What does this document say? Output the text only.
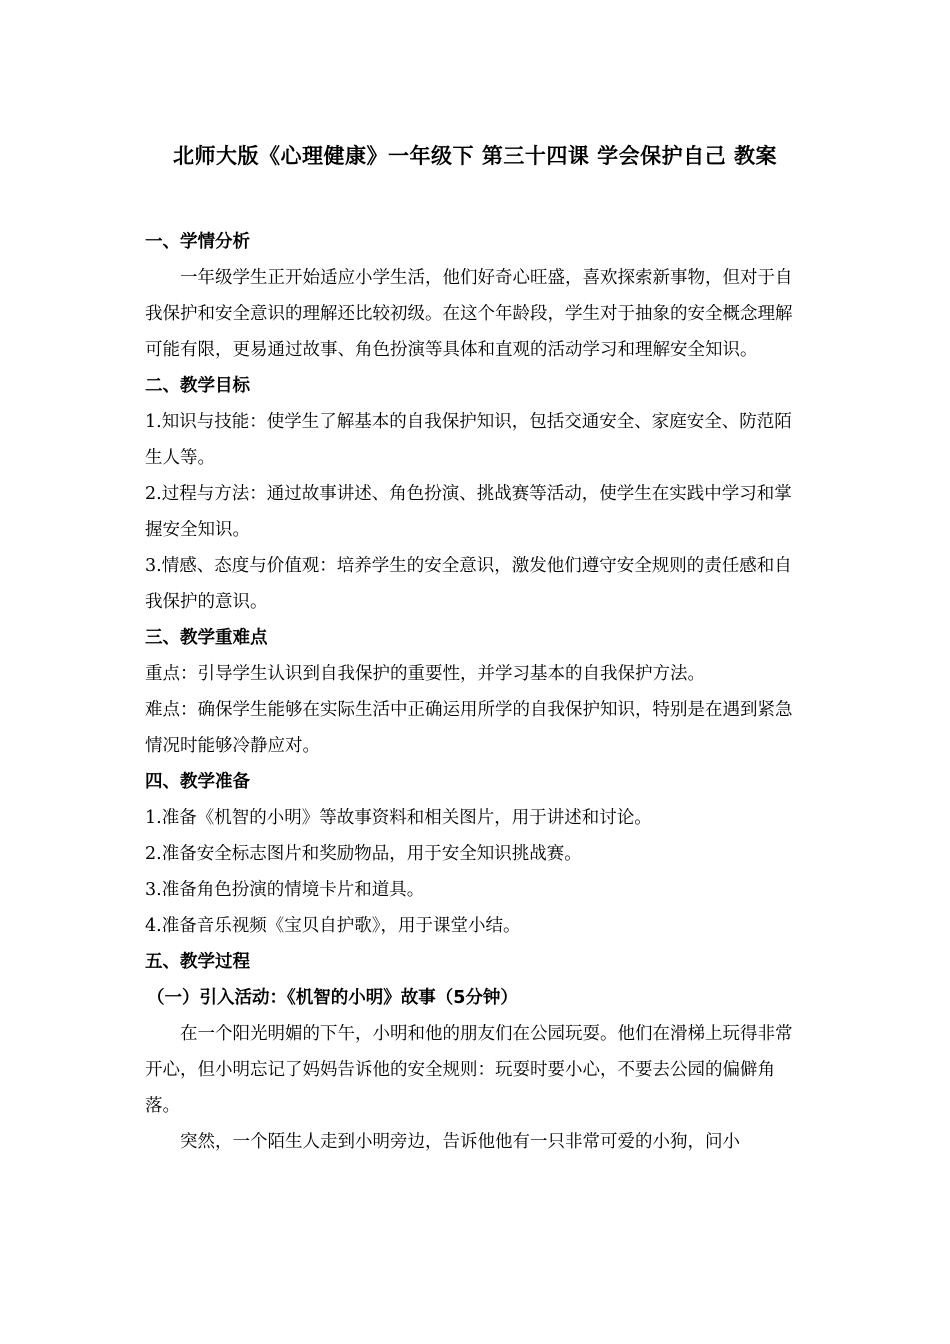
北师大版《心理健康》一年级下 第三十四课 学会保护自己 教案

一、学情分析

一年级学生正开始适应小学生活，他们好奇心旺盛，喜欢探索新事物，但对于自我保护和安全意识的理解还比较初级。在这个年龄段，学生对于抽象的安全概念理解可能有限，更易通过故事、角色扮演等具体和直观的活动学习和理解安全知识。

二、教学目标

1.知识与技能：使学生了解基本的自我保护知识，包括交通安全、家庭安全、防范陌生人等。

2.过程与方法：通过故事讲述、角色扮演、挑战赛等活动，使学生在实践中学习和掌握安全知识。

3.情感、态度与价值观：培养学生的安全意识，激发他们遵守安全规则的责任感和自我保护的意识。

三、教学重难点

重点：引导学生认识到自我保护的重要性，并学习基本的自我保护方法。

难点：确保学生能够在实际生活中正确运用所学的自我保护知识，特别是在遇到紧急情况时能够冷静应对。

四、教学准备

1.准备《机智的小明》等故事资料和相关图片，用于讲述和讨论。

2.准备安全标志图片和奖励物品，用于安全知识挑战赛。

3.准备角色扮演的情境卡片和道具。

4.准备音乐视频《宝贝自护歌》，用于课堂小结。

五、教学过程

（一）引入活动：《机智的小明》故事（5分钟）

在一个阳光明媚的下午，小明和他的朋友们在公园玩耍。他们在滑梯上玩得非常开心，但小明忘记了妈妈告诉他的安全规则：玩耍时要小心，不要去公园的偏僻角落。

突然，一个陌生人走到小明旁边，告诉他他有一只非常可爱的小狗，问小
